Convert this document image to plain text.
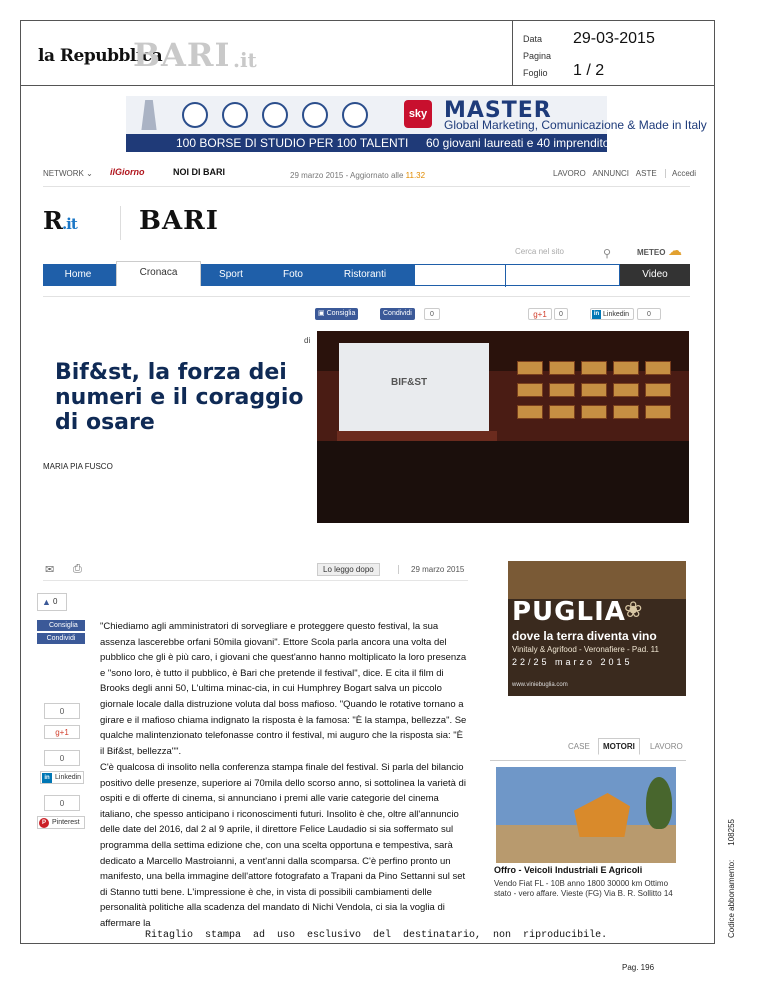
la Repubblica
BARI .it
Data 29-03-2015
Pagina
Foglio 1 / 2
sky MASTER
Global Marketing, Comunicazione & Made in Italy
100 BORSE DI STUDIO PER 100 TALENTI 60 giovani laureati e 40 imprenditori
NETWORK ⌄ ilGiorno	NOI DI BARI	29 marzo 2015 - Aggiornato alle 11.32	LAVORO ANNUNCI ASTE	Accedi
R.it BARI
Cerca nel sito	⚲	METEO ☁
Home	Cronaca	Sport	Foto	Ristoranti	Video
▣ Consiglia	Condividi	0	g+1	0	in Linkedin	0
di
Bif&st, la forza dei numeri e il coraggio di osare
MARIA PIA FUSCO
BIF&ST
✉ ⎙	Lo leggo dopo	29 marzo 2015
▲ 0
Consiglia
Condividi
0
g+1
0
in Linkedin
0
P Pinterest

"Chiediamo agli amministratori di sorvegliare e proteggere questo festival, la sua assenza lascerebbe orfani 50mila giovani". Ettore Scola parla ancora una volta del pubblico che gli è più caro, i giovani che quest'anno hanno moltiplicato la loro presenza e "sono loro, è tutto il pubblico, è Bari che pretende il festival", dice. E cita il film di Brooks degli anni 50, L'ultima minac-cia, in cui Humphrey Bogart salva un piccolo giornale locale dalla distruzione voluta dal boss mafioso. "Quando le rotative tornano a girare e il mafioso chiama indignato la risposta è la famosa: "È la stampa, bellezza". Se qualche malintenzionato telefonasse contro il festival, mi auguro che la risposta sia: "È il Bif&st, bellezza"".

C'è qualcosa di insolito nella conferenza stampa finale del festival. Si parla del bilancio positivo delle presenze, superiore ai 70mila dello scorso anno, si sottolinea la varietà di ospiti e di offerte di cinema, si annunciano i premi alle varie categorie del cinema italiano, che spesso anticipano i riconoscimenti futuri. Insolito è che, oltre all'annuncio delle date del 2016, dal 2 al 9 aprile, il direttore Felice Laudadio si sia soffermato sul programma della settima edizione che, con una scelta opportuna e tempestiva, sarà dedicato a Marcello Mastroianni, a vent'anni dalla scomparsa. C'è perfino pronto un manifesto, una bella immagine dell'attore fotografato a Trapani da Pino Settanni sul set di Stanno tutti bene. L'impressione è che, in vista di possibili cambiamenti delle personalità politiche alla scadenza del mandato di Nichi Vendola, ci sia la voglia di affermare la

PUGLIA
❀
dove la terra diventa vino
Vinitaly & Agrifood - Veronafiere - Pad. 11
22/25 marzo 2015
www.viniebuglia.com
CASE	MOTORI	LAVORO
Offro - Veicoli Industriali E Agricoli
Vendo Fiat FL - 10B anno 1800 30000 km Ottimo stato - vero affare. Vieste (FG) Via B. R. Sollitto 14	Codice abbonamento:108255
Ritaglio  stampa  ad  uso  esclusivo  del  destinatario,  non  riproducibile.
Pag. 196
